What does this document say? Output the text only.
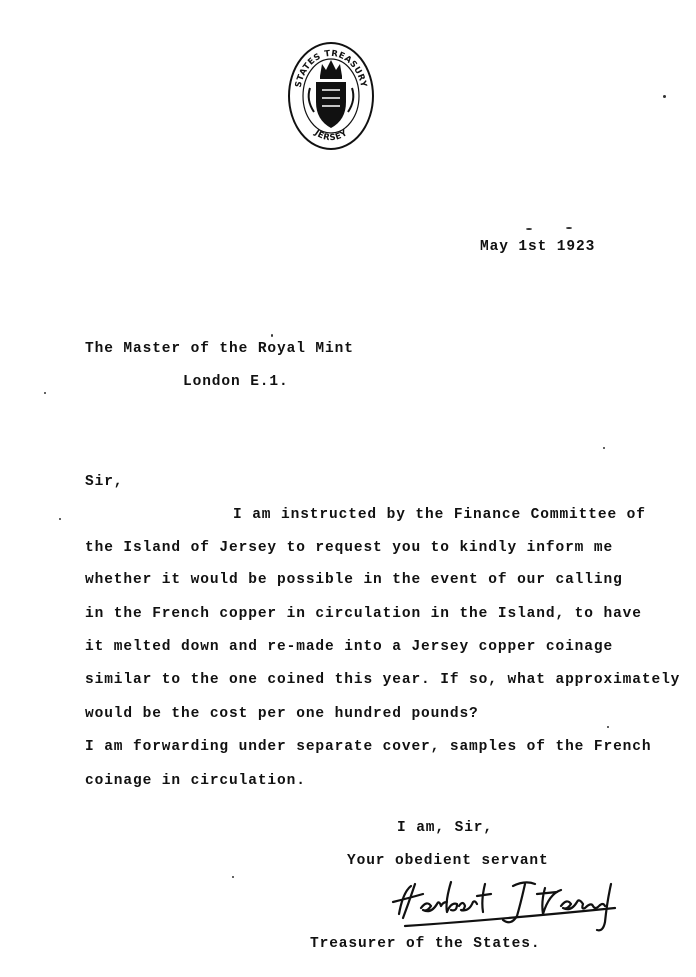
STATES TREASURY
JERSEY
May 1st 1923
The Master of the Royal Mint
London E.1.
Sir,
I am instructed by the Finance Committee of
the Island of Jersey to request you to kindly inform me
whether it would be possible in the event of our calling
in the French copper in circulation in the Island, to have
it melted down and re-made into a Jersey copper coinage
similar to the one coined this year. If so, what approximately
would be the cost per one hundred pounds?
I am forwarding under separate cover, samples of the French
coinage in circulation.
I am, Sir,
Your obedient servant
Treasurer of the States.
